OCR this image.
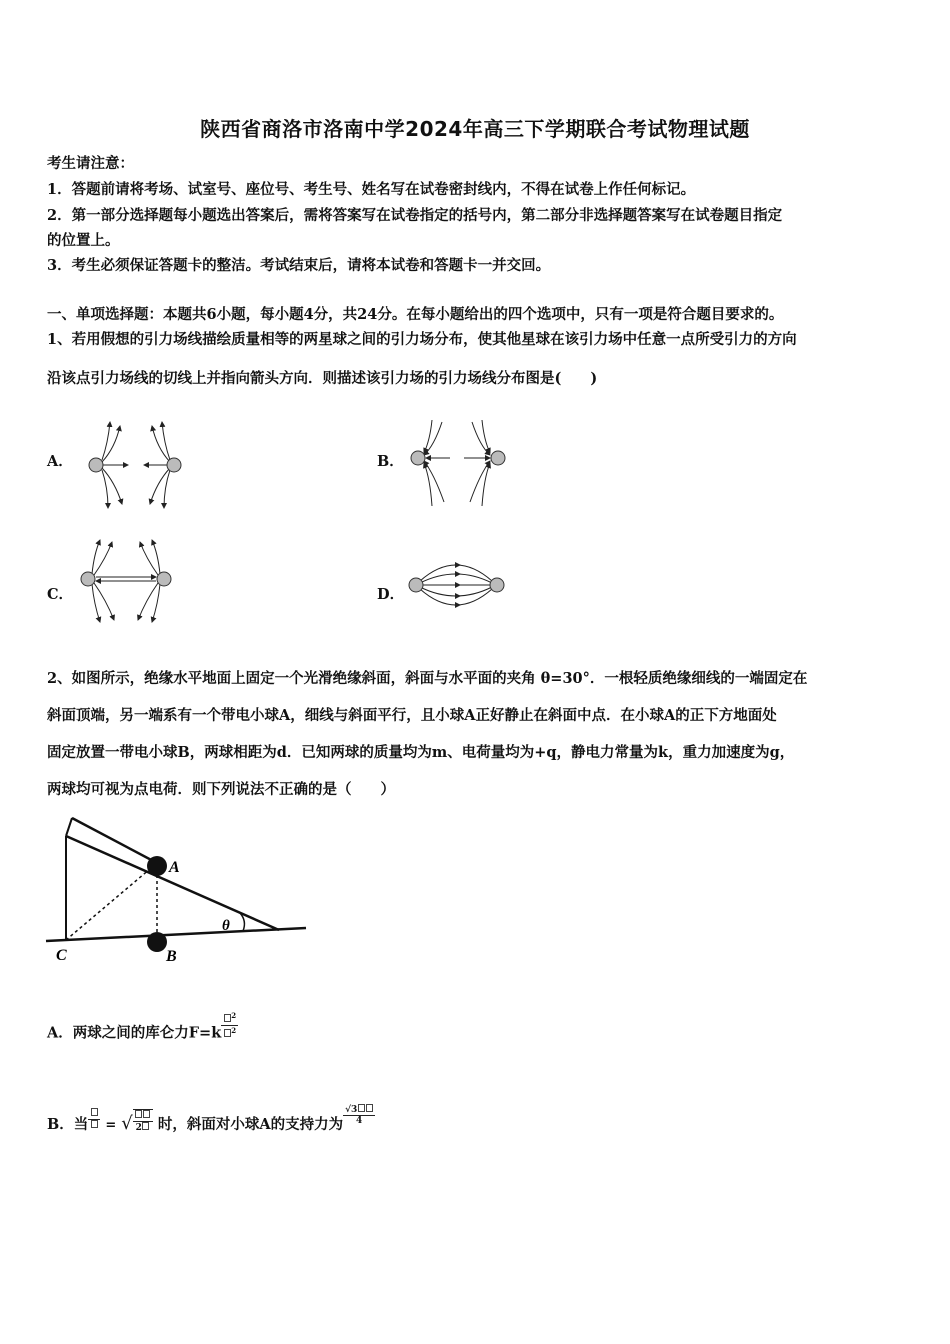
陕西省商洛市洛南中学2024年高三下学期联合考试物理试题
考生请注意：
1．答题前请将考场、试室号、座位号、考生号、姓名写在试卷密封线内，不得在试卷上作任何标记。
2．第一部分选择题每小题选出答案后，需将答案写在试卷指定的括号内，第二部分非选择题答案写在试卷题目指定
的位置上。
3．考生必须保证答题卡的整洁。考试结束后，请将本试卷和答题卡一并交回。
一、单项选择题：本题共6小题，每小题4分，共24分。在每小题给出的四个选项中，只有一项是符合题目要求的。
1、若用假想的引力场线描绘质量相等的两星球之间的引力场分布，使其他星球在该引力场中任意一点所受引力的方向
沿该点引力场线的切线上并指向箭头方向．则描述该引力场的引力场线分布图是(　　)
A．	B．
C．	D．
2、如图所示，绝缘水平地面上固定一个光滑绝缘斜面，斜面与水平面的夹角 θ=30°．一根轻质绝缘细线的一端固定在
斜面顶端，另一端系有一个带电小球A，细线与斜面平行，且小球A正好静止在斜面中点．在小球A的正下方地面处
固定放置一带电小球B，两球相距为d．已知两球的质量均为m、电荷量均为+q，静电力常量为k，重力加速度为g，
两球均可视为点电荷．则下列说法不正确的是（　　）
A
B
C
θ
A．两球之间的库仑力$F=k \frac{^2}{^2}$
B．当 = √ 2	时，斜面对小球A的支持力为 $\frac{√3}{4}$
